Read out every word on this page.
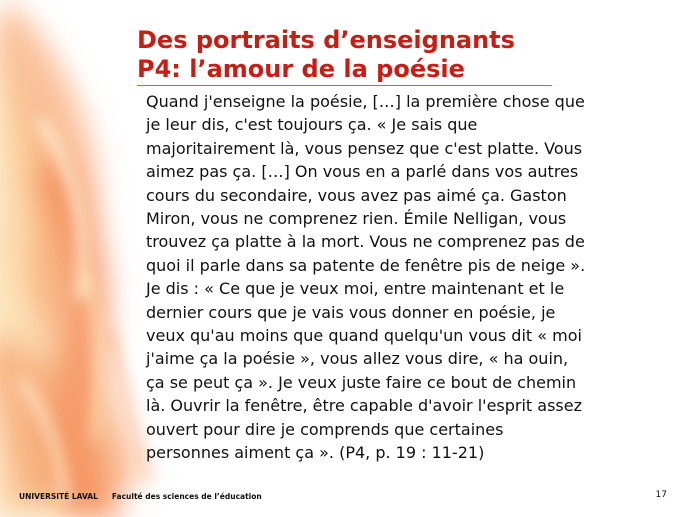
Des portraits d’enseignants
P4: l’amour de la poésie

Quand j'enseigne la poésie, […] la première chose que
je leur dis, c'est toujours ça. « Je sais que
majoritairement là, vous pensez que c'est platte. Vous
aimez pas ça. […] On vous en a parlé dans vos autres
cours du secondaire, vous avez pas aimé ça. Gaston
Miron, vous ne comprenez rien. Émile Nelligan, vous
trouvez ça platte à la mort. Vous ne comprenez pas de
quoi il parle dans sa patente de fenêtre pis de neige ».
Je dis : « Ce que je veux moi, entre maintenant et le
dernier cours que je vais vous donner en poésie, je
veux qu'au moins que quand quelqu'un vous dit « moi
j'aime ça la poésie », vous allez vous dire, « ha ouin,
ça se peut ça ». Je veux juste faire ce bout de chemin
là. Ouvrir la fenêtre, être capable d'avoir l'esprit assez
ouvert pour dire je comprends que certaines
personnes aiment ça ». (P4, p. 19 : 11-21)

UNIVERSITÉ LAVAL Faculté des sciences de l’éducation	17
